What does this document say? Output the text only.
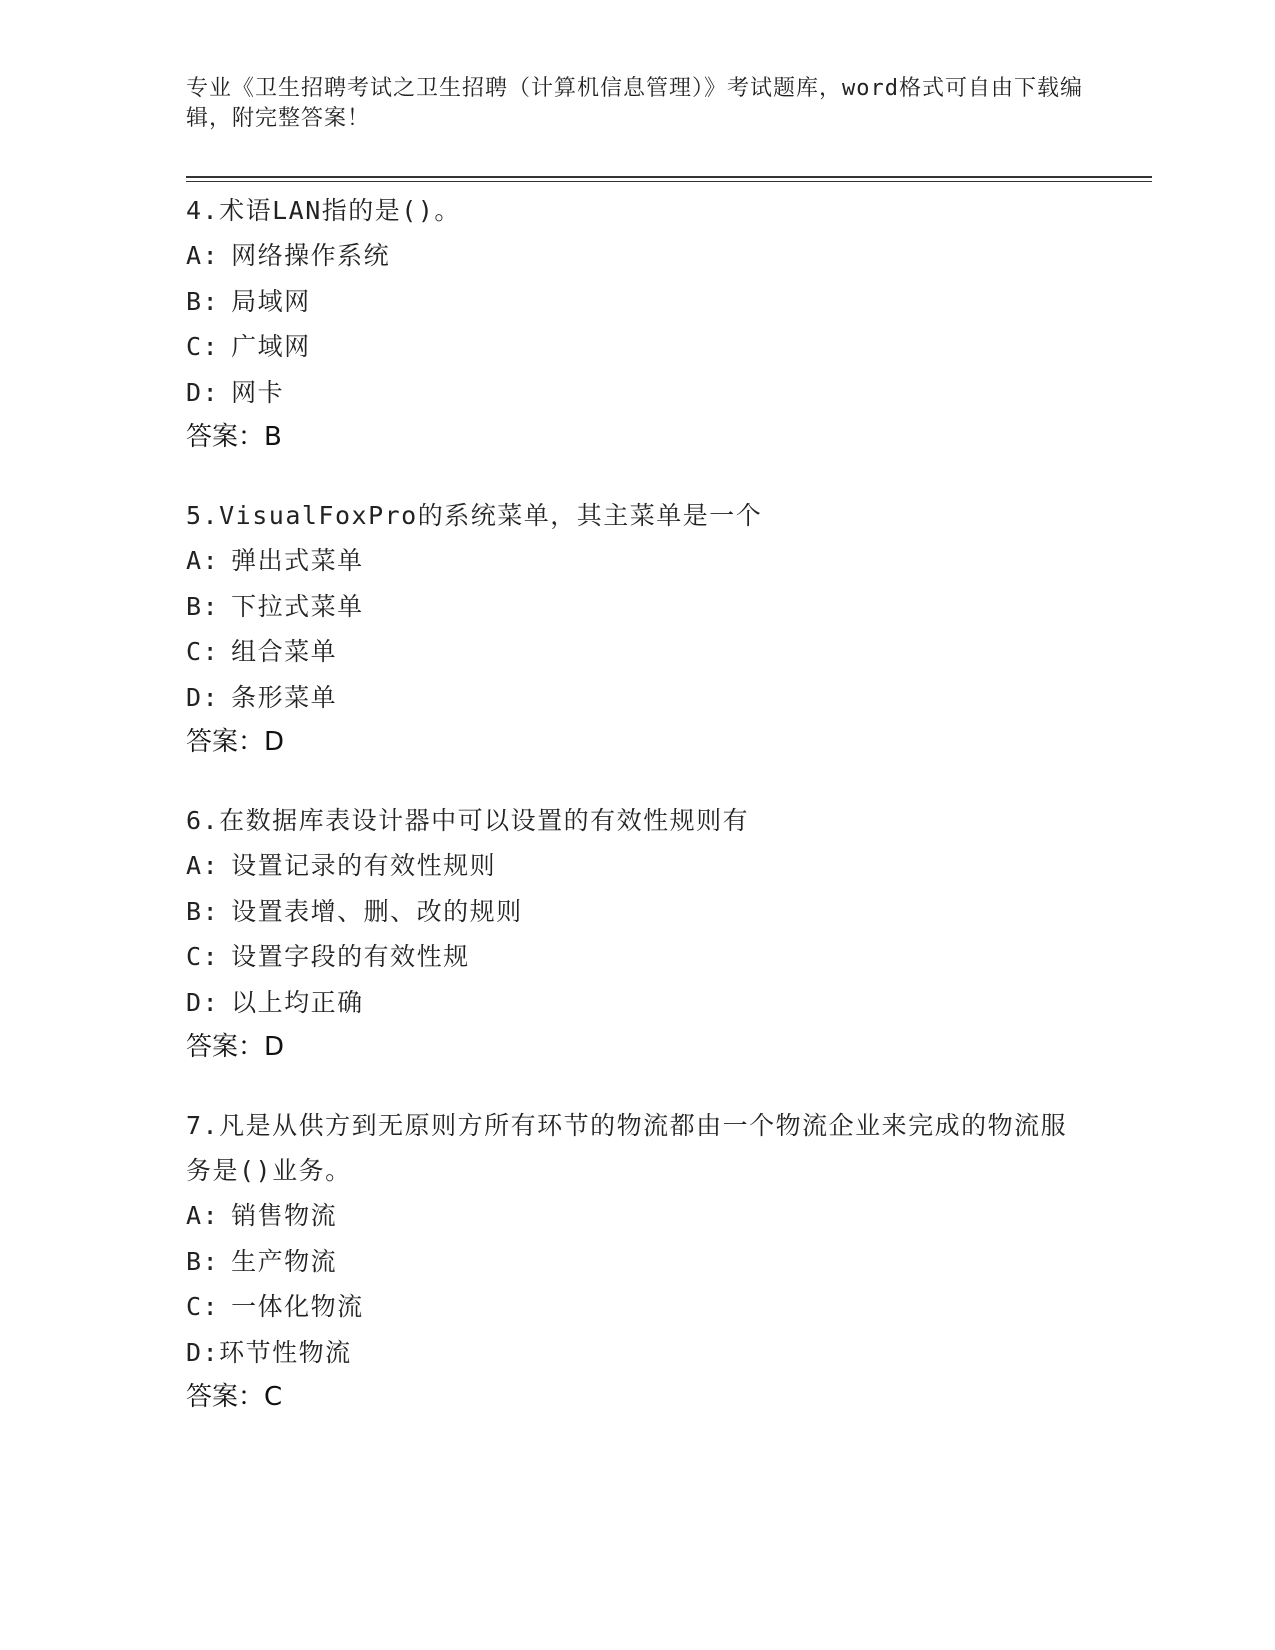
专业《卫生招聘考试之卫生招聘（计算机信息管理）》考试题库，word格式可自由下载编辑，附完整答案！
4.术语LAN指的是()。
A: 网络操作系统
B: 局域网
C: 广域网
D: 网卡
答案：B
5.VisualFoxPro的系统菜单，其主菜单是一个
A: 弹出式菜单
B: 下拉式菜单
C: 组合菜单
D: 条形菜单
答案：D
6.在数据库表设计器中可以设置的有效性规则有
A: 设置记录的有效性规则
B: 设置表增、删、改的规则
C: 设置字段的有效性规
D: 以上均正确
答案：D
7.凡是从供方到无原则方所有环节的物流都由一个物流企业来完成的物流服务是()业务。
A: 销售物流
B: 生产物流
C: 一体化物流
D:环节性物流
答案：C
